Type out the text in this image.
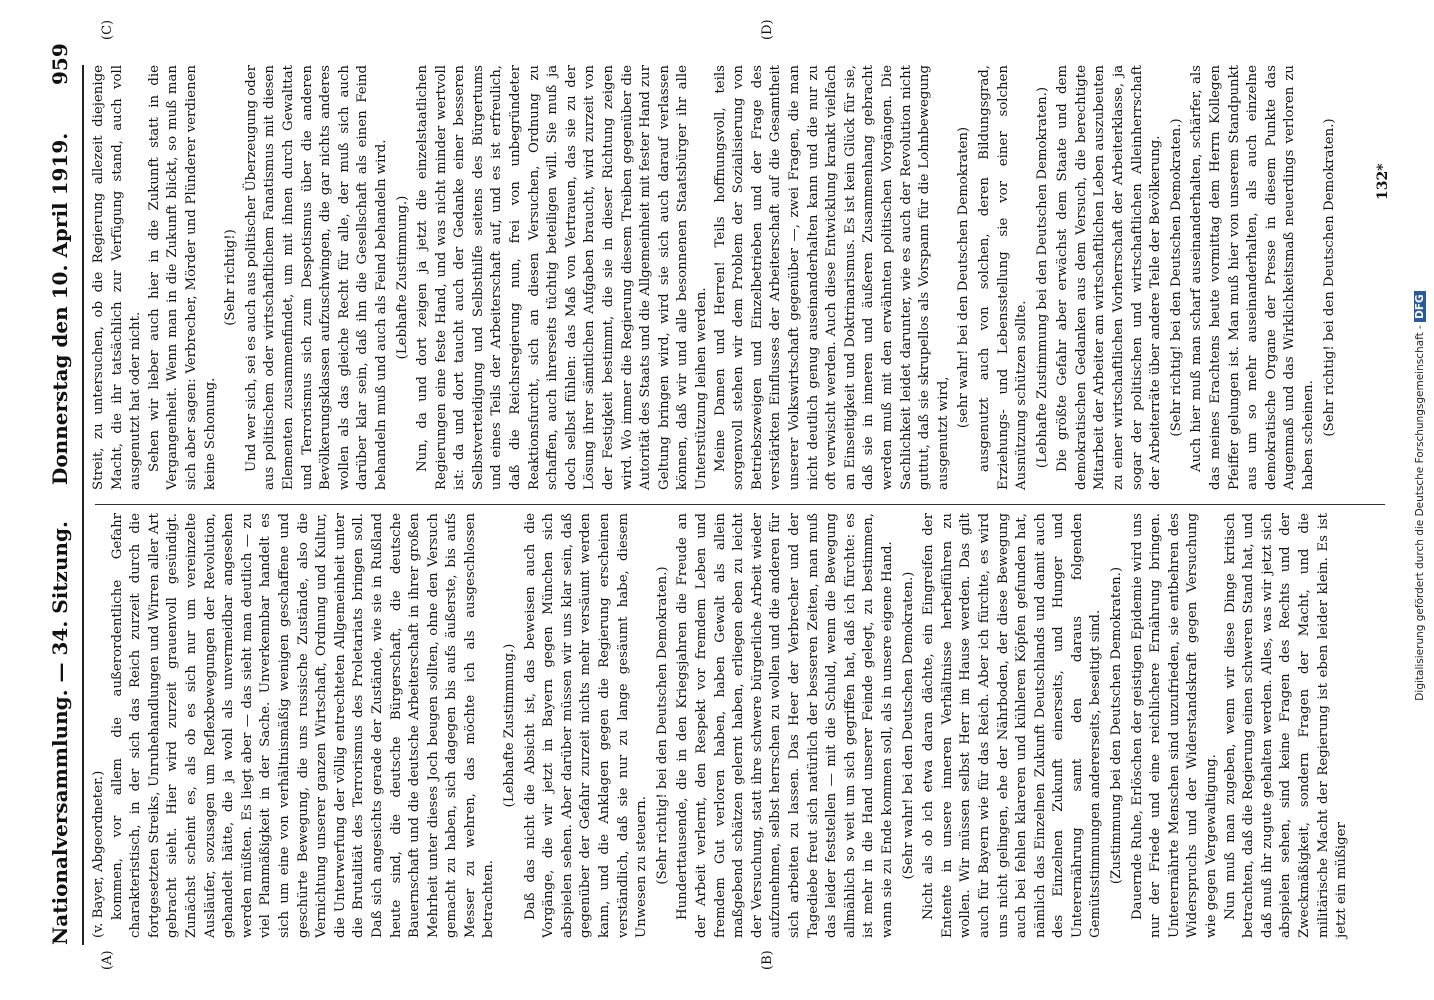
Nationalversammlung. — 34. Sitzung.
Donnerstag den 10. April 1919.
959
(A)	(B)
(C)	(D)

(v. Bayer, Abgeordneter.) kommen, vor allem die außerordentliche Gefahr charakteristisch, in der sich das Reich zurzeit durch die fortgesetzten Streiks, Unruhehandlungen und Wirren aller Art gebracht sieht. Hier wird zurzeit grauenvoll gesündigt. Zunächst scheint es, als ob es sich nur um vereinzelte Ausläufer, sozusagen um Reflexbewegungen der Revolution, gehandelt hätte, die ja wohl als unvermeidbar angesehen werden müßten. Es liegt aber — das sieht man deutlich — zu viel Planmäßigkeit in der Sache. Unverkennbar handelt es sich um eine von verhältnismäßig wenigen geschaffene und geschürte Bewegung, die uns russische Zustände, also die Vernichtung unserer ganzen Wirtschaft, Ordnung und Kultur, die Unterwerfung der völlig entrechteten Allgemeinheit unter die Brutalität des Terrorismus des Proletariats bringen soll. Daß sich angesichts gerade der Zustände, wie sie in Rußland heute sind, die deutsche Bürgerschaft, die deutsche Bauernschaft und die deutsche Arbeiterschaft in ihrer großen Mehrheit unter dieses Joch beugen sollten, ohne den Versuch gemacht zu haben, sich dagegen bis aufs äußerste, bis aufs Messer zu wehren, das möchte ich als ausgeschlossen betrachten.

(Lebhafte Zustimmung.) Daß das nicht die Absicht ist, das beweisen auch die Vorgänge, die wir jetzt in Bayern gegen München sich abspielen sehen. Aber darüber müssen wir uns klar sein, daß gegenüber der Gefahr zurzeit nichts mehr versäumt werden kann, und die Anklagen gegen die Regierung erscheinen verständlich, daß sie nur zu lange gesäumt habe, diesem Unwesen zu steuern. (Sehr richtig! bei den Deutschen Demokraten.) Hunderttausende, die in den Kriegsjahren die Freude an der Arbeit verlernt, den Respekt vor fremdem Leben und fremdem Gut verloren haben, haben Gewalt als allein maßgebend schätzen gelernt haben, erliegen eben zu leicht der Versuchung, statt ihre schwere bürgerliche Arbeit wieder aufzunehmen, selbst herrschen zu wollen und die anderen für sich arbeiten zu lassen. Das Heer der Verbrecher und der Tagediebe freut sich natürlich der besseren Zeiten, man muß das leider feststellen — mit die Schuld, wenn die Bewegung allmählich so weit um sich gegriffen hat, daß ich fürchte: es ist mehr in die Hand unserer Feinde gelegt, zu bestimmen, wann sie zu Ende kommen soll, als in unsere eigene Hand. (Sehr wahr! bei den Deutschen Demokraten.) Nicht als ob ich etwa daran dächte, ein Eingreifen der Entente in unsere inneren Verhältnisse herbeiführen zu wollen. Wir müssen selbst Herr im Hause werden. Das gilt auch für Bayern wie für das Reich. Aber ich fürchte, es wird uns nicht gelingen, ehe der Nährboden, der diese Bewegung auch bei fehlen klareren und kühleren Köpfen gefunden hat, nämlich das Einzelnen Zukunft Deutschlands und damit auch des Einzelnen Zukunft einerseits, und Hunger und Unterernährung samt den daraus folgenden Gemütsstimmungen andererseits, beseitigt sind. (Zustimmung bei den Deutschen Demokraten.) Dauernde Ruhe, Erlöschen der geistigen Epidemie wird uns nur der Friede und eine reichlichere Ernährung bringen. Unterernährte Menschen sind unzufrieden, sie entbehren des Widerspruchs und der Widerstandskraft gegen Versuchung wie gegen Vergewaltigung. Nun muß man zugeben, wenn wir diese Dinge kritisch betrachten, daß die Regierung einen schweren Stand hat, und daß muß ihr zugute gehalten werden. Alles, was wir jetzt sich abspielen sehen, sind keine Fragen des Rechts und der Zweckmäßigkeit, sondern Fragen der Macht, und die militärische Macht der Regierung ist eben leider klein. Es ist jetzt ein müßiger

Streit, zu untersuchen, ob die Regierung allezeit diejenige Macht, die ihr tatsächlich zur Verfügung stand, auch voll ausgenutzt hat oder nicht. Sehen wir lieber auch hier in die Zukunft statt in die Vergangenheit. Wenn man in die Zukunft blickt, so muß man sich aber sagen: Verbrecher, Mörder und Plünderer verdienen keine Schonung.

(Sehr richtig!) Und wer sich, sei es auch aus politischer Überzeugung oder aus politischem oder wirtschaftlichem Fanatismus mit diesen Elementen zusammenfindet, um mit ihnen durch Gewalttat und Terrorismus sich zum Despotismus über die anderen Bevölkerungsklassen aufzuschwingen, die gar nichts anderes wollen als das gleiche Recht für alle, der muß sich auch darüber klar sein, daß ihn die Gesellschaft als einen Feind behandeln muß und auch als Feind behandeln wird. (Lebhafte Zustimmung.) Nun, da und dort zeigen ja jetzt die einzelstaatlichen Regierungen eine feste Hand, und was nicht minder wertvoll ist: da und dort taucht auch der Gedanke einer besseren Selbstverteidigung und Selbsthilfe seitens des Bürgertums und eines Teils der Arbeiterschaft auf, und es ist erfreulich, daß die Reichsregierung nun, frei von unbegründeter Reaktionsfurcht, sich an diesen Versuchen, Ordnung zu schaffen, auch ihrerseits tüchtig beteiligen will. Sie muß ja doch selbst fühlen: das Maß von Vertrauen, das sie zu der Lösung ihrer sämtlichen Aufgaben braucht, wird zurzeit von der Festigkeit bestimmt, die sie in dieser Richtung zeigen wird. Wo immer die Regierung diesem Treiben gegenüber die Autorität des Staats und die Allgemeinheit mit fester Hand zur Geltung bringen wird, wird sie sich auch darauf verlassen können, daß wir und alle besonnenen Staatsbürger ihr alle Unterstützung leihen werden. Meine Damen und Herren! Teils hoffnungsvoll, teils sorgenvoll stehen wir dem Problem der Sozialisierung von Betriebszweigen und Einzelbetrieben und der Frage des verstärkten Einflusses der Arbeiterschaft auf die Gesamtheit unserer Volkswirtschaft gegenüber —, zwei Fragen, die man nicht deutlich genug auseinanderhalten kann und die nur zu oft verwischt werden. Auch diese Entwicklung krankt vielfach an Einseitigkeit und Doktrinarismus. Es ist kein Glück für sie, daß sie in inneren und äußeren Zusammenhang gebracht werden muß mit den erwähnten politischen Vorgängen. Die Sachlichkeit leidet darunter, wie es auch der Revolution nicht guttut, daß sie skrupellos als Vorspann für die Lohnbewegung ausgenutzt wird,

(sehr wahr! bei den Deutschen Demokraten) ausgenutzt auch von solchen, deren Bildungsgrad, Erziehungs- und Lebensstellung sie vor einer solchen Ausnützung schützen sollte. (Lebhafte Zustimmung bei den Deutschen Demokraten.) Die größte Gefahr aber erwächst dem Staate und dem demokratischen Gedanken aus dem Versuch, die berechtigte Mitarbeit der Arbeiter am wirtschaftlichen Leben auszubeuten zu einer wirtschaftlichen Vorherrschaft der Arbeiterklasse, ja sogar der politischen und wirtschaftlichen Alleinherrschaft der Arbeiterräte über andere Teile der Bevölkerung. (Sehr richtig! bei den Deutschen Demokraten.) Auch hier muß man scharf auseinanderhalten, schärfer, als das meines Erachtens heute vormittag dem Herrn Kollegen Pfeiffer gelungen ist. Man muß hier von unserem Standpunkt aus um so mehr auseinanderhalten, als auch einzelne demokratische Organe der Presse in diesem Punkte das Augenmaß und das Wirklichkeitsmaß neuerdings verloren zu haben scheinen. (Sehr richtig! bei den Deutschen Demokraten.)	132*
Digitalisierung gefördert durch die Deutsche Forschungsgemeinschaft - DFG
